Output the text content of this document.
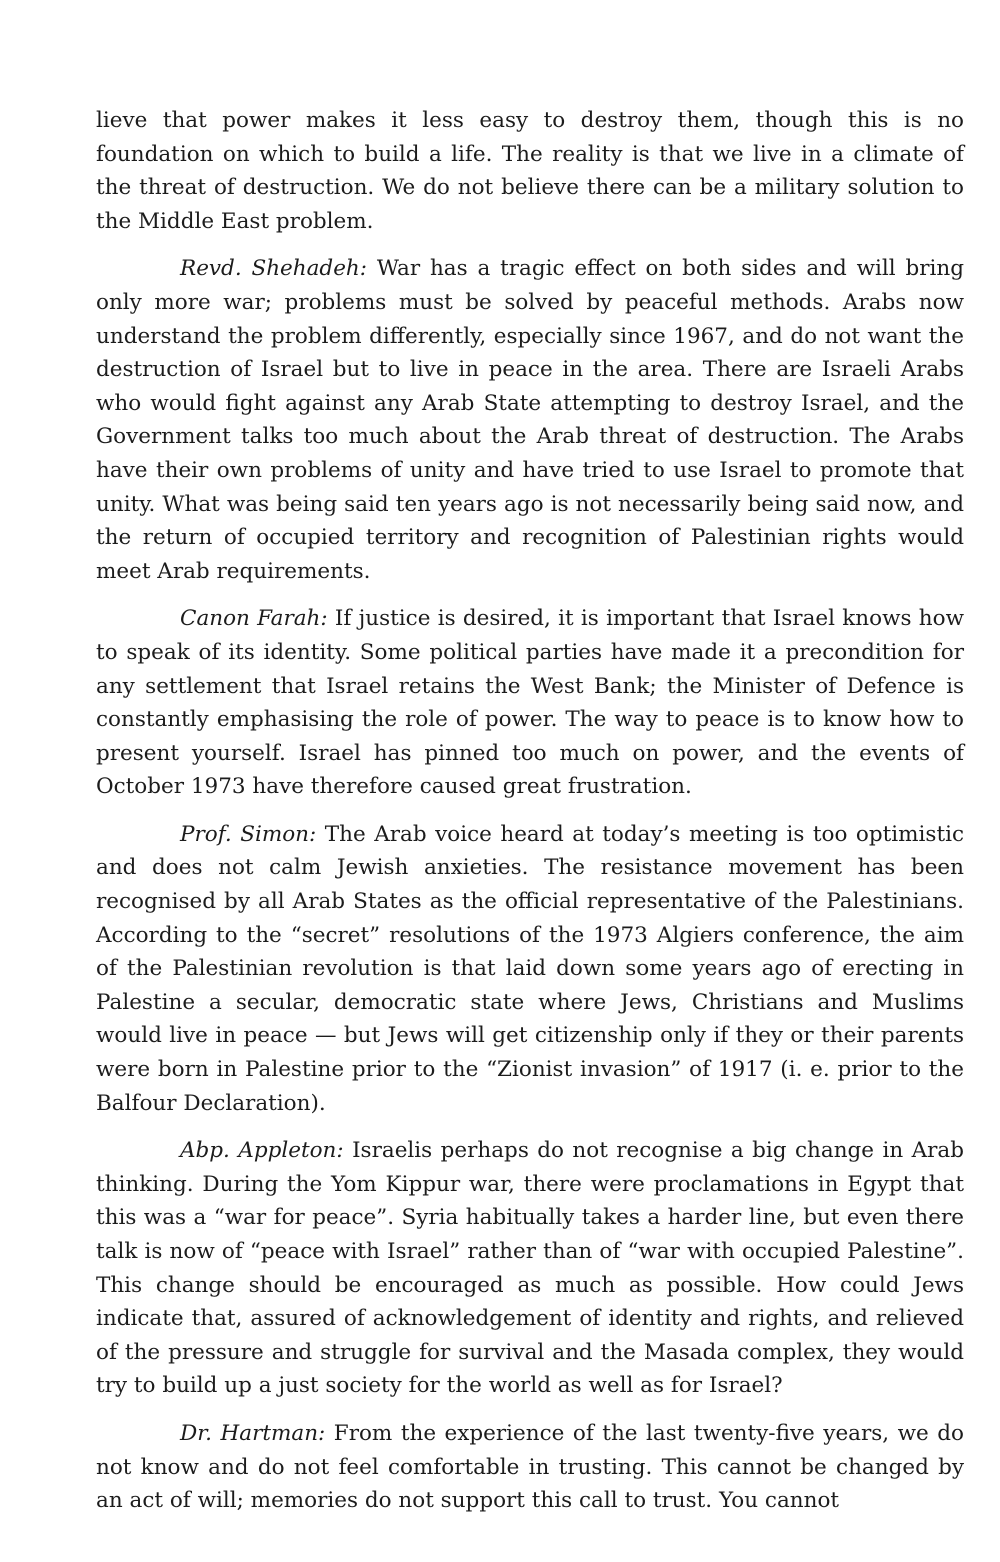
lieve that power makes it less easy to destroy them, though this is no foundation on which to build a life. The reality is that we live in a climate of the threat of destruction. We do not believe there can be a military solution to the Middle East problem.

Revd. Shehadeh: War has a tragic effect on both sides and will bring only more war; problems must be solved by peaceful methods. Arabs now understand the problem differently, especially since 1967, and do not want the destruction of Israel but to live in peace in the area. There are Israeli Arabs who would fight against any Arab State attempting to destroy Israel, and the Government talks too much about the Arab threat of destruction. The Arabs have their own problems of unity and have tried to use Israel to promote that unity. What was being said ten years ago is not necessarily being said now, and the return of occupied territory and recognition of Palestinian rights would meet Arab requirements.

Canon Farah: If justice is desired, it is important that Israel knows how to speak of its identity. Some political parties have made it a precondition for any settlement that Israel retains the West Bank; the Minister of Defence is constantly emphasising the role of power. The way to peace is to know how to present yourself. Israel has pinned too much on power, and the events of October 1973 have therefore caused great frustration.

Prof. Simon: The Arab voice heard at today’s meeting is too optimistic and does not calm Jewish anxieties. The resistance movement has been recognised by all Arab States as the official representative of the Palestinians. According to the “secret” resolutions of the 1973 Algiers conference, the aim of the Palestinian revolution is that laid down some years ago of erecting in Palestine a secular, democratic state where Jews, Christians and Muslims would live in peace — but Jews will get citizenship only if they or their parents were born in Palestine prior to the “Zionist invasion” of 1917 (i. e. prior to the Balfour Declaration).

Abp. Appleton: Israelis perhaps do not recognise a big change in Arab thinking. During the Yom Kippur war, there were proclamations in Egypt that this was a “war for peace”. Syria habitually takes a harder line, but even there talk is now of “peace with Israel” rather than of “war with occupied Palestine”. This change should be encouraged as much as possible. How could Jews indicate that, assured of acknowledgement of identity and rights, and relieved of the pressure and struggle for survival and the Masada complex, they would try to build up a just society for the world as well as for Israel?

Dr. Hartman: From the experience of the last twenty-five years, we do not know and do not feel comfortable in trusting. This cannot be changed by an act of will; memories do not support this call to trust. You cannot
